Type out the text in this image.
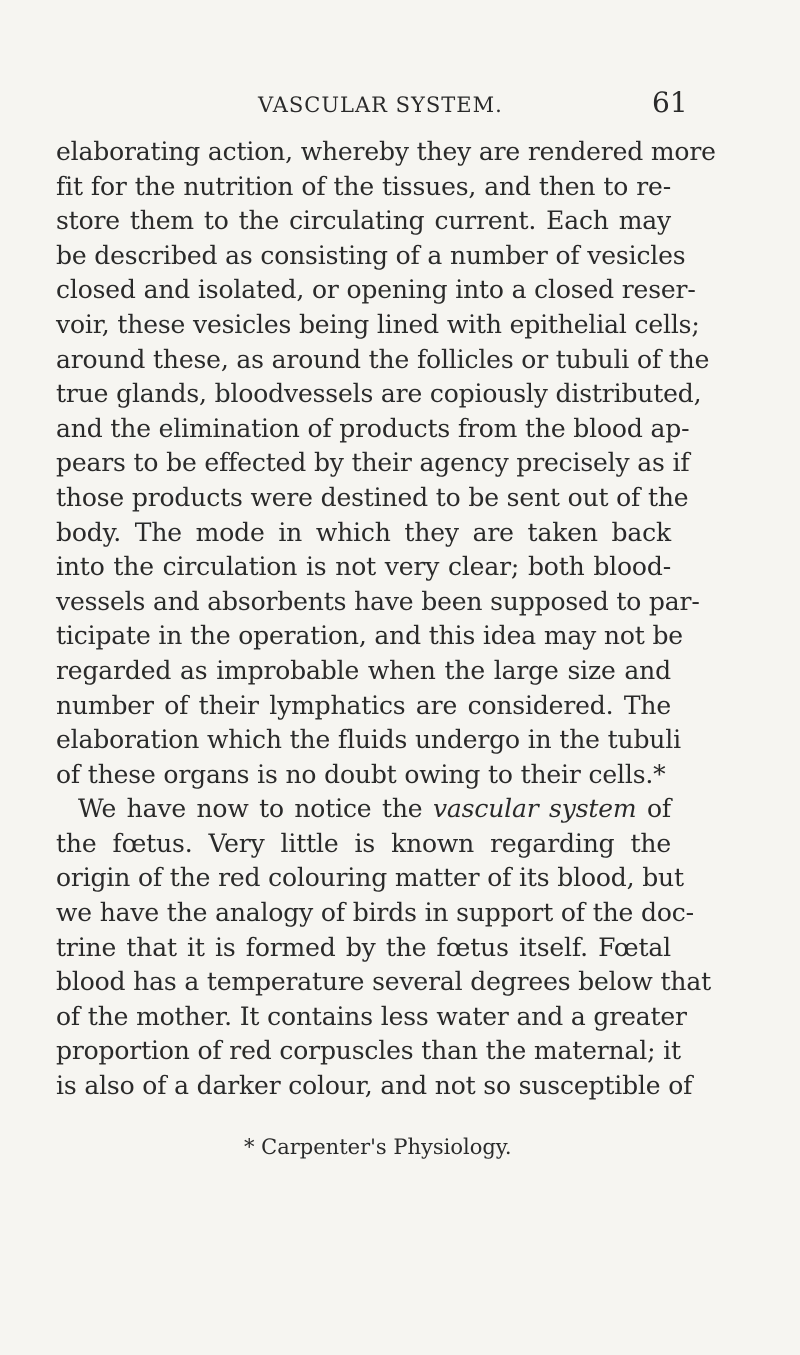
VASCULAR SYSTEM.	61
elaborating action, whereby they are rendered more
fit for the nutrition of the tissues, and then to re-
store them to the circulating current. Each may
be described as consisting of a number of vesicles
closed and isolated, or opening into a closed reser-
voir, these vesicles being lined with epithelial cells;
around these, as around the follicles or tubuli of the
true glands, bloodvessels are copiously distributed,
and the elimination of products from the blood ap-
pears to be effected by their agency precisely as if
those products were destined to be sent out of the
body. The mode in which they are taken back
into the circulation is not very clear; both blood-
vessels and absorbents have been supposed to par-
ticipate in the operation, and this idea may not be
regarded as improbable when the large size and
number of their lymphatics are considered. The
elaboration which the fluids undergo in the tubuli
of these organs is no doubt owing to their cells.*
We have now to notice the vascular system of
the fœtus. Very little is known regarding the
origin of the red colouring matter of its blood, but
we have the analogy of birds in support of the doc-
trine that it is formed by the fœtus itself. Fœtal
blood has a temperature several degrees below that
of the mother. It contains less water and a greater
proportion of red corpuscles than the maternal; it
is also of a darker colour, and not so susceptible of
* Carpenter's Physiology.
